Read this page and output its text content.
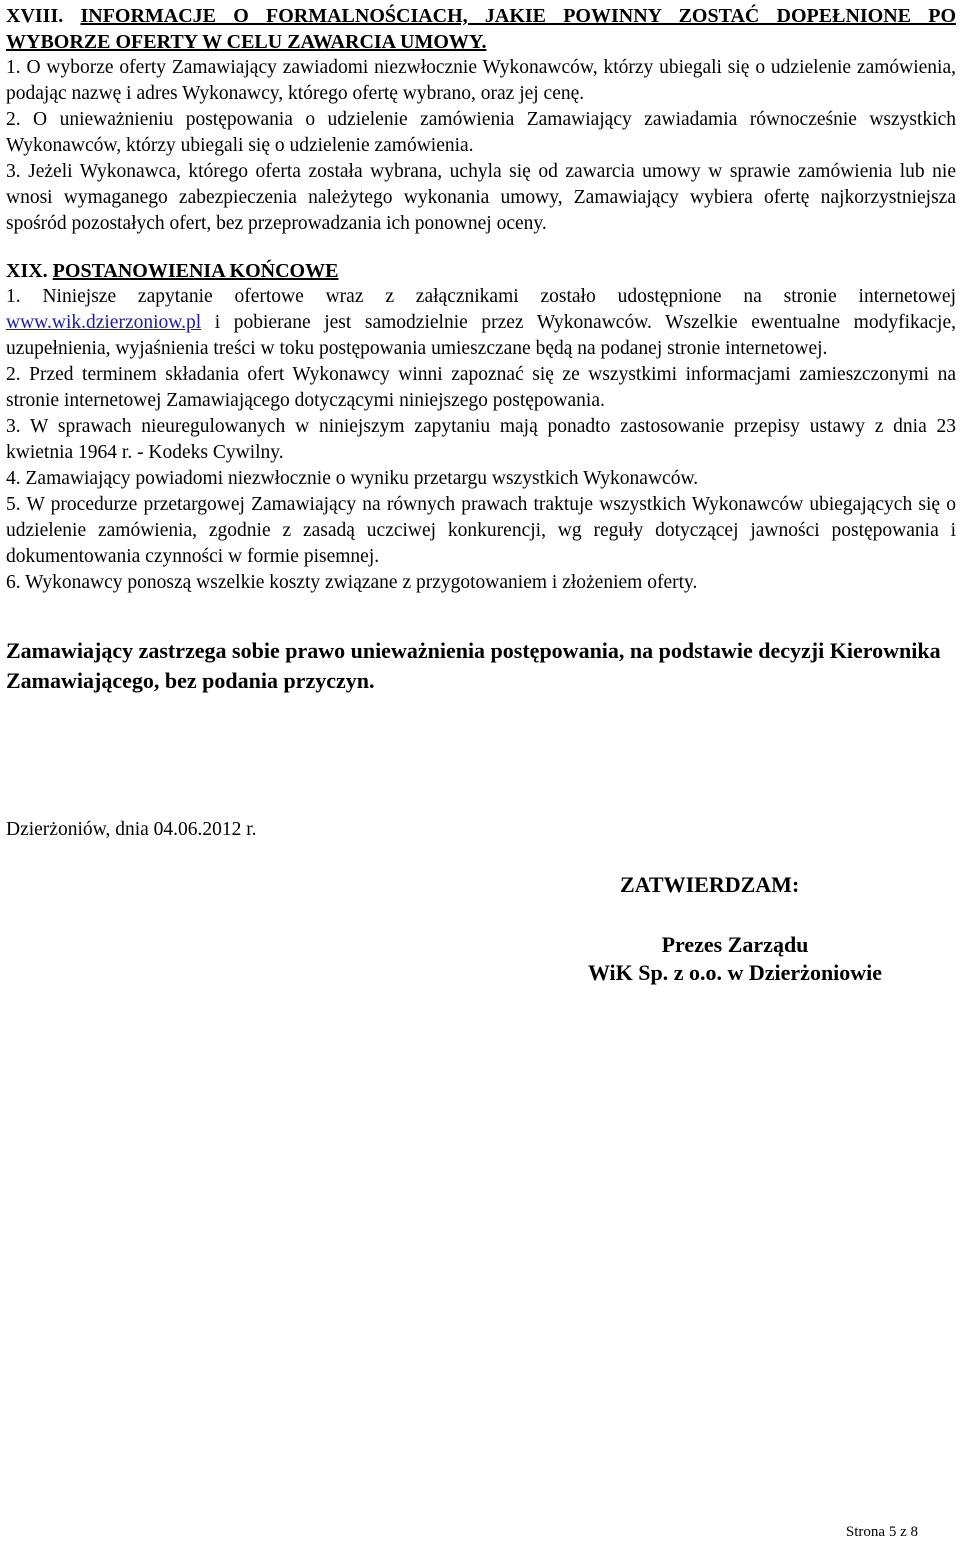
XVIII. INFORMACJE O FORMALNOŚCIACH, JAKIE POWINNY ZOSTAĆ DOPEŁNIONE PO WYBORZE OFERTY W CELU ZAWARCIA UMOWY.

1. O wyborze oferty Zamawiający zawiadomi niezwłocznie Wykonawców, którzy ubiegali się o udzielenie zamówienia, podając nazwę i adres Wykonawcy, którego ofertę wybrano, oraz jej cenę.

2. O unieważnieniu postępowania o udzielenie zamówienia Zamawiający zawiadamia równocześnie wszystkich Wykonawców, którzy ubiegali się o udzielenie zamówienia.

3. Jeżeli Wykonawca, którego oferta została wybrana, uchyla się od zawarcia umowy w sprawie zamówienia lub nie wnosi wymaganego zabezpieczenia należytego wykonania umowy, Zamawiający wybiera ofertę najkorzystniejsza spośród pozostałych ofert, bez przeprowadzania ich ponownej oceny.

XIX. POSTANOWIENIA KOŃCOWE

1. Niniejsze zapytanie ofertowe wraz z załącznikami zostało udostępnione na stronie internetowej www.wik.dzierzoniow.pl i pobierane jest samodzielnie przez Wykonawców. Wszelkie ewentualne modyfikacje, uzupełnienia, wyjaśnienia treści w toku postępowania umieszczane będą na podanej stronie internetowej.

2. Przed terminem składania ofert Wykonawcy winni zapoznać się ze wszystkimi informacjami zamieszczonymi na stronie internetowej Zamawiającego dotyczącymi niniejszego postępowania.

3. W sprawach nieuregulowanych w niniejszym zapytaniu mają ponadto zastosowanie przepisy ustawy z dnia 23 kwietnia 1964 r. - Kodeks Cywilny.

4. Zamawiający powiadomi niezwłocznie o wyniku przetargu wszystkich Wykonawców.

5. W procedurze przetargowej Zamawiający na równych prawach traktuje wszystkich Wykonawców ubiegających się o udzielenie zamówienia, zgodnie z zasadą uczciwej konkurencji, wg reguły dotyczącej jawności postępowania i dokumentowania czynności w formie pisemnej.

6. Wykonawcy ponoszą wszelkie koszty związane z przygotowaniem i złożeniem oferty.

Zamawiający zastrzega sobie prawo unieważnienia postępowania, na podstawie decyzji Kierownika Zamawiającego, bez podania przyczyn.
Dzierżoniów, dnia 04.06.2012 r.
ZATWIERDZAM:
Prezes Zarządu
WiK Sp. z o.o. w Dzierżoniowie
Strona 5 z 8
